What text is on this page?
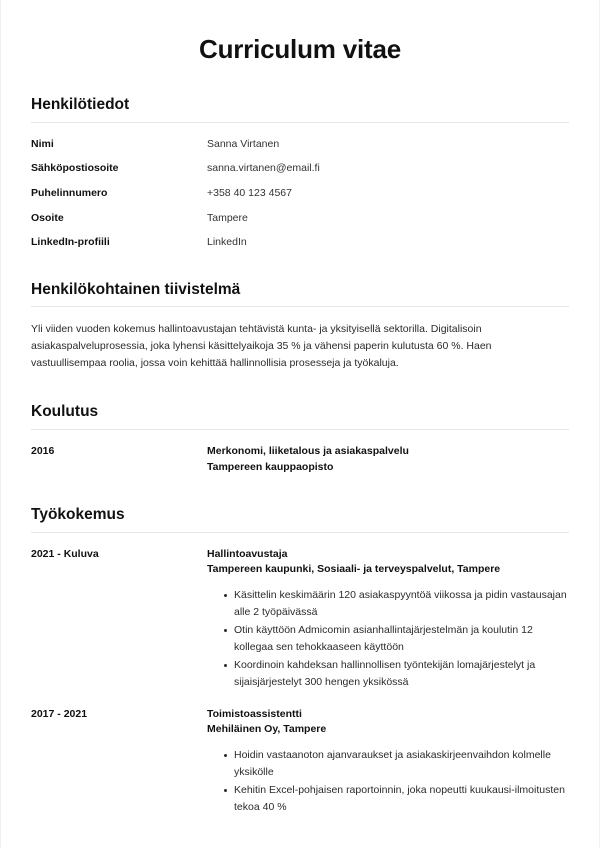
Curriculum vitae
Henkilötiedot
Nimi	Sanna Virtanen
Sähköpostiosoite	sanna.virtanen@email.fi
Puhelinnumero	+358 40 123 4567
Osoite	Tampere
LinkedIn-profiili	LinkedIn
Henkilökohtainen tiivistelmä

Yli viiden vuoden kokemus hallintoavustajan tehtävistä kunta- ja yksityisellä sektorilla. Digitalisoin asiakaspalveluprosessia, joka lyhensi käsittelyaikoja 35 % ja vähensi paperin kulutusta 60 %. Haen vastuullisempaa roolia, jossa voin kehittää hallinnollisia prosesseja ja työkaluja.

Koulutus
2016	Merkonomi, liiketalous ja asiakaspalvelu
Tampereen kauppaopisto
Työkokemus
2021 - Kuluva	Hallintoavustaja
Tampereen kaupunki, Sosiaali- ja terveyspalvelut, Tampere
Käsittelin keskimäärin 120 asiakaspyyntöä viikossa ja pidin vastausajan alle 2 työpäivässä
Otin käyttöön Admicomin asianhallintajärjestelmän ja koulutin 12 kollegaa sen tehokkaaseen käyttöön
Koordinoin kahdeksan hallinnollisen työntekijän lomajärjestelyt ja sijaisjärjestelyt 300 hengen yksikössä
2017 - 2021	Toimistoassistentti
Mehiläinen Oy, Tampere
Hoidin vastaanoton ajanvaraukset ja asiakaskirjeenvaihdon kolmelle yksikölle
Kehitin Excel-pohjaisen raportoinnin, joka nopeutti kuukausi-ilmoitusten tekoa 40 %
